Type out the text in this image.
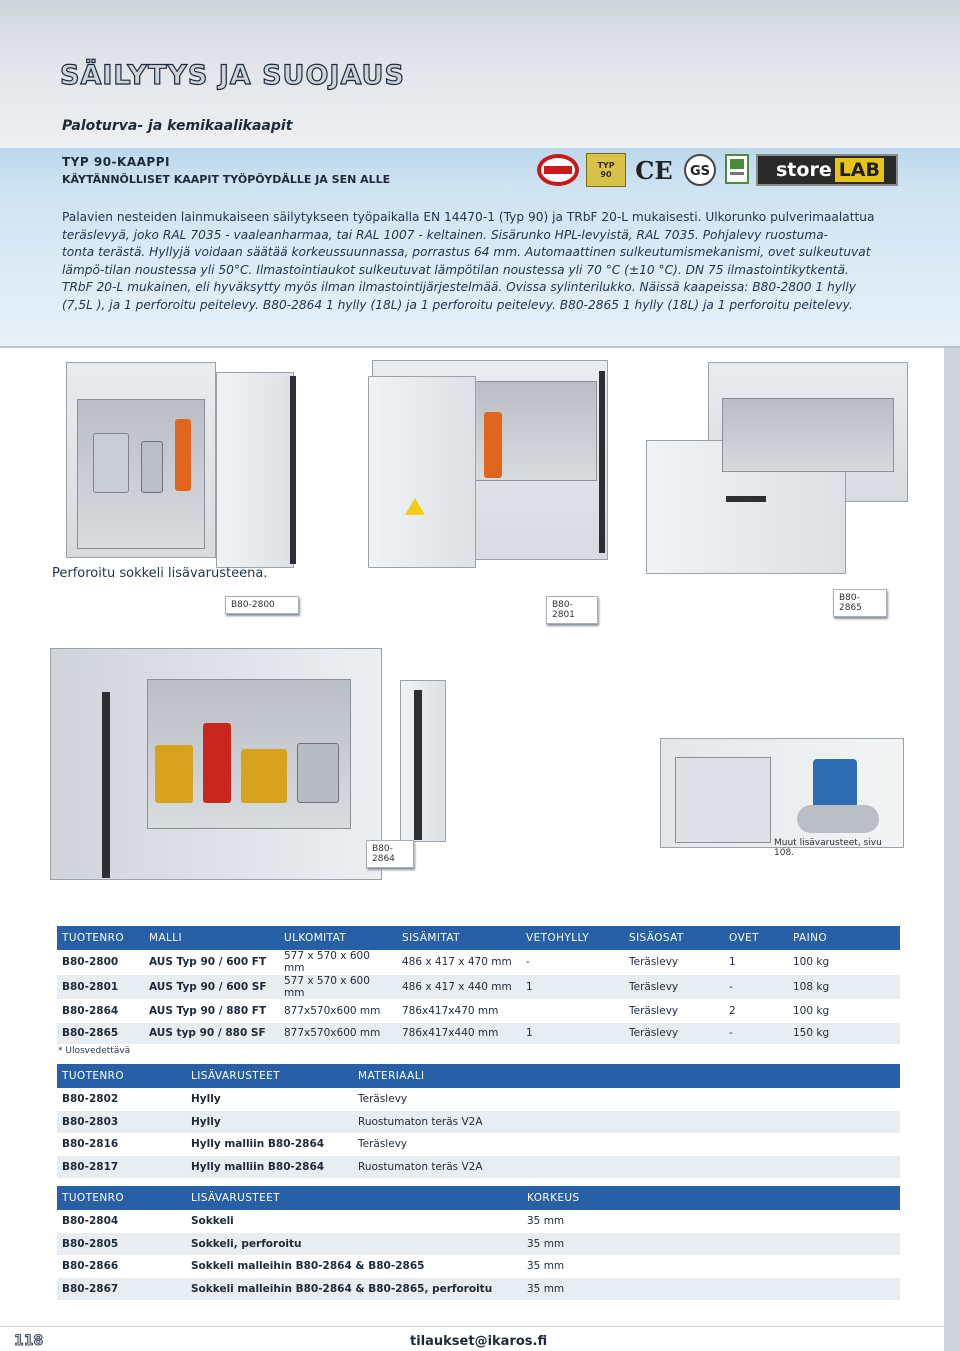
SÄILYTYS JA SUOJAUS
Paloturva- ja kemikaalikaapit
TYP 90-KAAPPI
KÄYTÄNNÖLLISET KAAPIT TYÖPÖYDÄLLE JA SEN ALLE
TYP
90 CE GS	store LAB
Palavien nesteiden lainmukaiseen säilytykseen työpaikalla EN 14470-1 (Typ 90) ja TRbF 20-L mukaisesti. Ulkorunko pulverimaalattua
teräslevyä, joko RAL 7035 - vaaleanharmaa, tai RAL 1007 - keltainen. Sisärunko HPL-levyistä, RAL 7035. Pohjalevy ruostuma-
tonta terästä. Hyllyjä voidaan säätää korkeussuunnassa, porrastus 64 mm. Automaattinen sulkeutumismekanismi, ovet sulkeutuvat
lämpö-tilan noustessa yli 50°C. Ilmastointiaukot sulkeutuvat lämpötilan noustessa yli 70 °C (±10 °C). DN 75 ilmastointikytkentä.
TRbF 20-L mukainen, eli hyväksytty myös ilman ilmastointijärjestelmää. Ovissa sylinterilukko. Näissä kaapeissa: B80-2800 1 hylly
(7,5L ), ja 1 perforoitu peitelevy. B80-2864 1 hylly (18L) ja 1 perforoitu peitelevy. B80-2865 1 hylly (18L) ja 1 perforoitu peitelevy.
Perforoitu sokkeli lisävarusteena.
B80-2800	B80-2801
B80-2865
B80-2864
Muut lisävarusteet, sivu 108.
TUOTENRO	MALLI	ULKOMITAT	SISÄMITAT	VETOHYLLY	SISÄOSAT	OVET	PAINO
B80-2800	AUS Typ 90 / 600 FT	577 x 570 x 600 mm	486 x 417 x 470 mm	-	Teräslevy	1	100 kg
B80-2801	AUS Typ 90 / 600 SF	577 x 570 x 600 mm	486 x 417 x 440 mm	1	Teräslevy	-	108 kg
B80-2864	AUS Typ 90 / 880 FT	877x570x600 mm	786x417x470 mm		Teräslevy	2	100 kg
B80-2865	AUS typ 90 / 880 SF	877x570x600 mm	786x417x440 mm	1	Teräslevy	-	150 kg
* Ulosvedettävä
TUOTENRO	LISÄVARUSTEET	MATERIAALI
B80-2802	Hylly	Teräslevy
B80-2803	Hylly	Ruostumaton teräs V2A
B80-2816	Hylly malliin B80-2864	Teräslevy
B80-2817	Hylly malliin B80-2864	Ruostumaton teräs V2A
TUOTENRO	LISÄVARUSTEET	KORKEUS
B80-2804	Sokkeli	35 mm
B80-2805	Sokkeli, perforoitu	35 mm
B80-2866	Sokkeli malleihin B80-2864 & B80-2865	35 mm
B80-2867	Sokkeli malleihin B80-2864 & B80-2865, perforoitu	35 mm
118	tilaukset@ikaros.fi
